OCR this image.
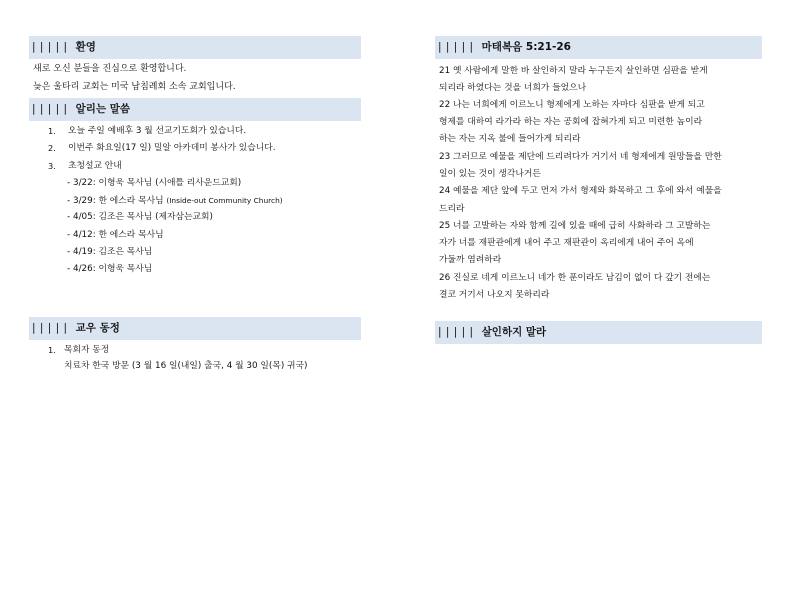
| | | | | 환영
새로 오신 분들을 진심으로 환영합니다.
늦은 울타리 교회는 미국 남침례회 소속 교회입니다.
| | | | | 알리는 말씀
1.	오늘 주일 예배후 3 월 선교기도회가 있습니다.
2.	이번주 화요일(17 일) 밀알 아카데미 봉사가 있습니다.
3.	초청설교 안내
- 3/22: 이형욱 목사님 (시애틀 리사운드교회)
- 3/29: 한 에스라 목사님 (Inside-out Community Church)
- 4/05: 김조은 목사님 (제자삼는교회)
- 4/12: 한 에스라 목사님
- 4/19: 김조은 목사님
- 4/26: 이형욱 목사님
| | | | | 교우 동정
1. 목회자 동정
치료차 한국 방문 (3 월 16 일(내일) 출국, 4 월 30 일(목) 귀국)
| | | | | 마태복음 5:21-26
21 옛 사람에게 말한 바 살인하지 말라 누구든지 살인하면 심판을 받게
되리라 하였다는 것을 너희가 들었으나
22 나는 너희에게 이르노니 형제에게 노하는 자마다 심판을 받게 되고
형제를 대하여 라가라 하는 자는 공회에 잡혀가게 되고 미련한 놈이라
하는 자는 지옥 불에 들어가게 되리라
23 그러므로 예물을 제단에 드리려다가 거기서 네 형제에게 원망들을 만한
일이 있는 것이 생각나거든
24 예물을 제단 앞에 두고 먼저 가서 형제와 화목하고 그 후에 와서 예물을
드리라
25 너를 고발하는 자와 함께 길에 있을 때에 급히 사화하라 그 고발하는
자가 너를 재판관에게 내어 주고 재판관이 옥리에게 내어 주어 옥에
가둘까 염려하라
26 진실로 네게 이르노니 네가 한 푼이라도 남김이 없이 다 갚기 전에는
결코 거기서 나오지 못하리라
| | | | | 살인하지 말라
